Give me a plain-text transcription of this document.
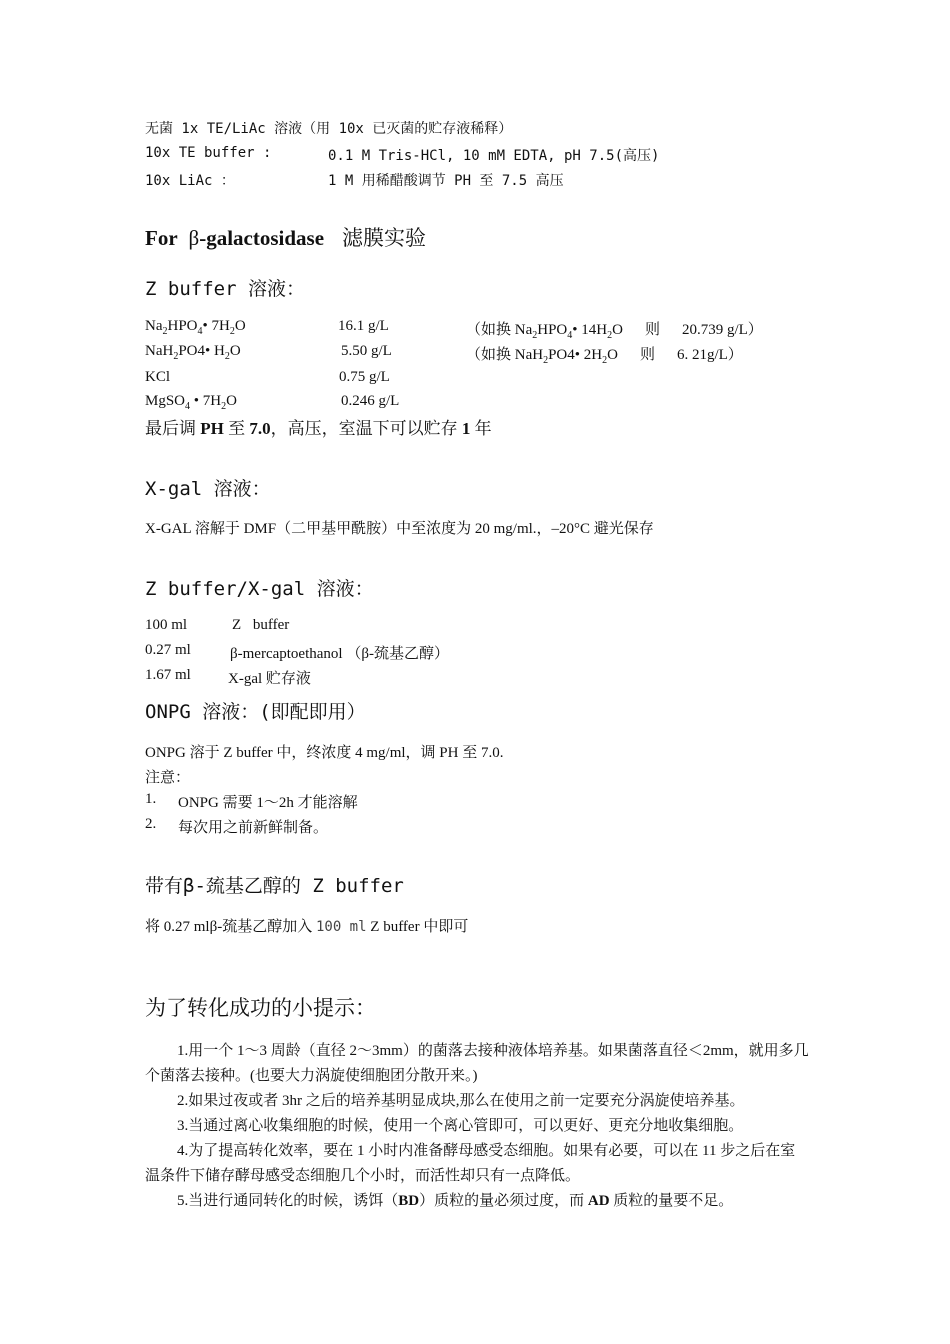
无菌 1x TE/LiAc 溶液（用 10x 已灭菌的贮存液稀释）
10x TE buffer :	0.1 M Tris-HCl, 10 mM EDTA, pH 7.5(高压)
10x LiAc ：	1 M 用稀醋酸调节 PH 至 7.5 高压
For β-galactosidase 滤膜实验
Z buffer 溶液：
$Na_2HPO_4•$ $7H_2O$	16.1 g/L	（如换 $Na_2HPO_4•$ $14H_2O$ 则 20.739 g/L）
NaH$_2$PO4• $H_2O$	5.50 g/L	（如换 NaH$_2$PO4• $2H_2O$ 则 6. 21g/L）
KCl	0.75 g/L
MgSO$_4$ • $7H_2O$	0.246 g/L
最后调 PH 至 7.0，高压，室温下可以贮存 1 年
X-gal 溶液：
X-GAL 溶解于 DMF（二甲基甲酰胺）中至浓度为 20 mg/ml.，–20°C 避光保存
Z buffer/X-gal 溶液：
100 ml	Z buffer
0.27 ml	β-mercaptoethanol （β-巯基乙醇）
1.67 ml X-gal 贮存液
ONPG 溶液：(即配即用）
ONPG 溶于 Z buffer 中，终浓度 4 mg/ml，调 PH 至 7.0.
注意：
1. ONPG 需要 1～2h 才能溶解
2. 每次用之前新鲜制备。
带有β-巯基乙醇的 Z buffer
将 0.27 mlβ-巯基乙醇加入 100 ml Z buffer 中即可
为了转化成功的小提示：
1.用一个 1～3 周龄（直径 2～3mm）的菌落去接种液体培养基。如果菌落直径＜2mm，就用多几个菌落去接种。(也要大力涡旋使细胞团分散开来。)
2.如果过夜或者 3hr 之后的培养基明显成块,那么在使用之前一定要充分涡旋使培养基。
3.当通过离心收集细胞的时候，使用一个离心管即可，可以更好、更充分地收集细胞。
4.为了提高转化效率，要在 1 小时内准备酵母感受态细胞。如果有必要，可以在 11 步之后在室温条件下储存酵母感受态细胞几个小时，而活性却只有一点降低。
5.当进行通同转化的时候，诱饵（BD）质粒的量必须过度，而 AD 质粒的量要不足。
